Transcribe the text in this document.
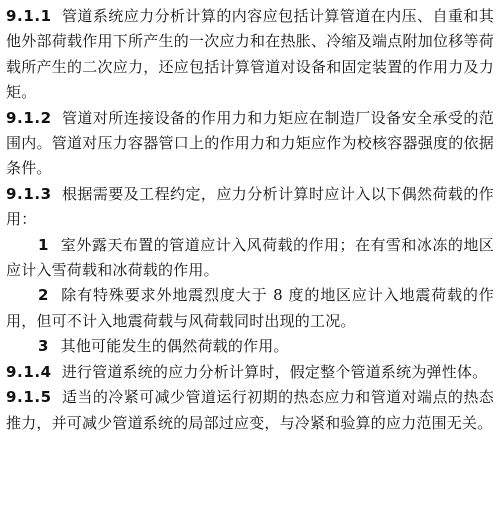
9.1.1 管道系统应力分析计算的内容应包括计算管道在内压、自重和其他外部荷载作用下所产生的一次应力和在热胀、冷缩及端点附加位移等荷载所产生的二次应力，还应包括计算管道对设备和固定装置的作用力及力矩。

9.1.2 管道对所连接设备的作用力和力矩应在制造厂设备安全承受的范围内。管道对压力容器管口上的作用力和力矩应作为校核容器强度的依据条件。

9.1.3 根据需要及工程约定，应力分析计算时应计入以下偶然荷载的作用：

1 室外露天布置的管道应计入风荷载的作用；在有雪和冰冻的地区应计入雪荷载和冰荷载的作用。

2 除有特殊要求外地震烈度大于 8 度的地区应计入地震荷载的作用，但可不计入地震荷载与风荷载同时出现的工况。

3 其他可能发生的偶然荷载的作用。

9.1.4 进行管道系统的应力分析计算时，假定整个管道系统为弹性体。

9.1.5 适当的冷紧可减少管道运行初期的热态应力和管道对端点的热态推力，并可减少管道系统的局部过应变，与冷紧和验算的应力范围无关。
